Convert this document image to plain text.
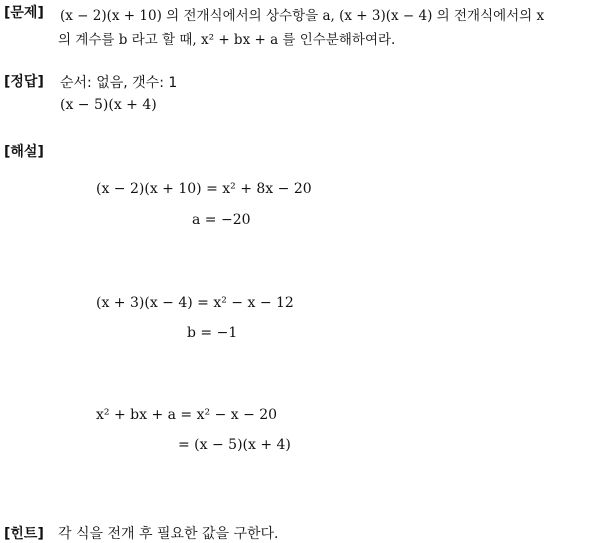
[문제] (x − 2)(x + 10) 의 전개식에서의 상수항을 a, (x + 3)(x − 4) 의 전개식에서의 x
의 계수를 b 라고 할 때, x² + bx + a 를 인수분해하여라.
[정답] 순서: 없음, 갯수: 1
(x − 5)(x + 4)
[해설]
(x − 2)(x + 10) = x² + 8x − 20
a = −20
(x + 3)(x − 4) = x² − x − 12
b = −1
x² + bx + a = x² − x − 20
= (x − 5)(x + 4)
[힌트] 각 식을 전개 후 필요한 값을 구한다.
